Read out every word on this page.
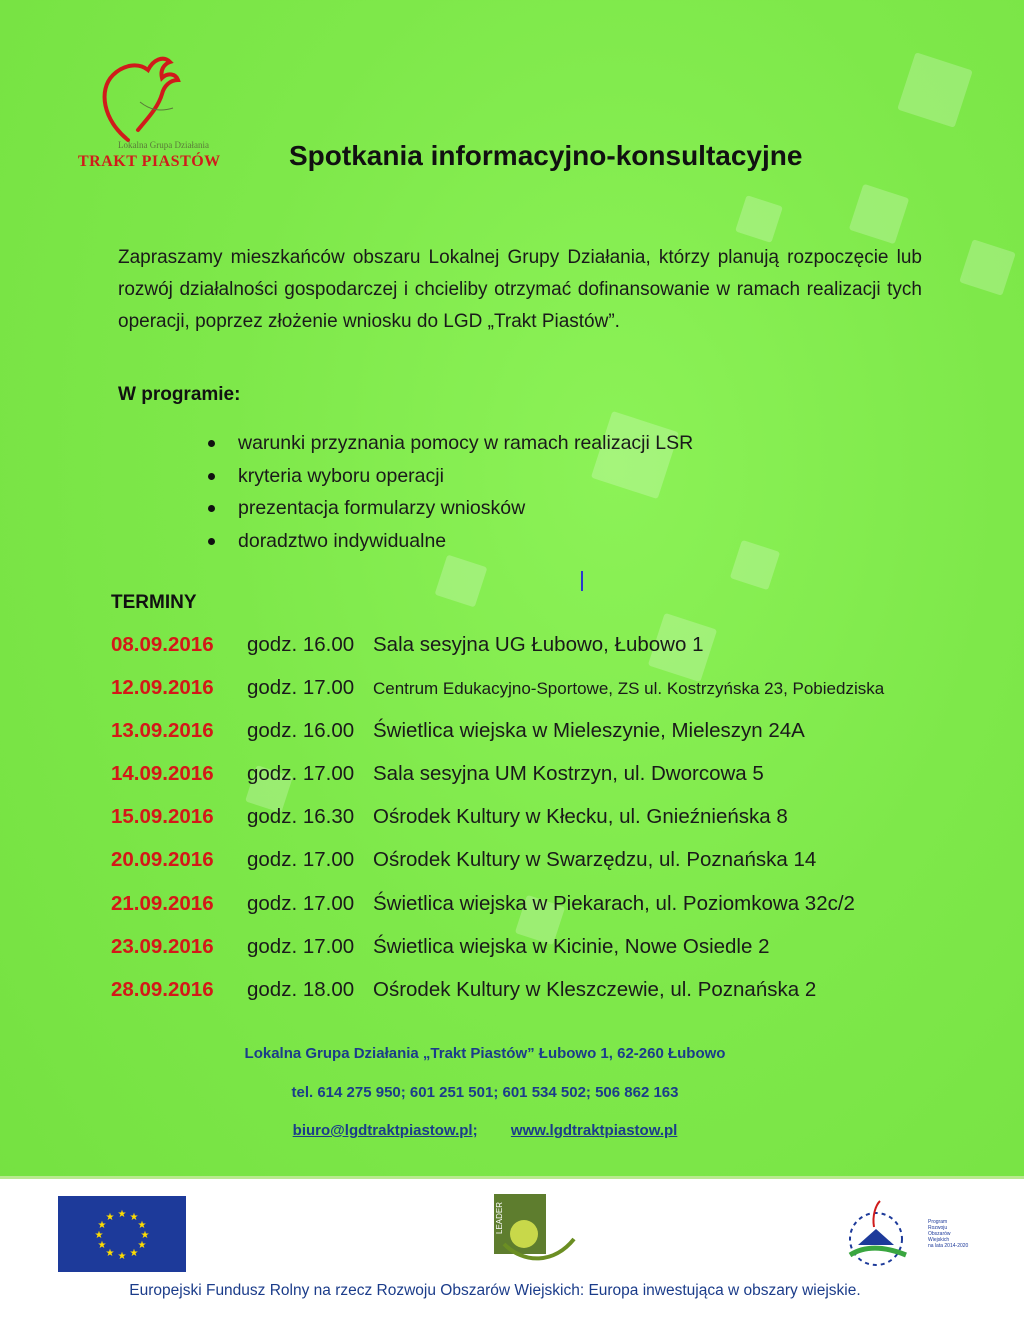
Lokalna Grupa Działania
TRAKT PIASTÓW Spotkania informacyjno-konsultacyjne

Zapraszamy mieszkańców obszaru Lokalnej Grupy Działania, którzy planują rozpoczęcie lub rozwój działalności gospodarczej i chcieliby otrzymać dofinansowanie w ramach realizacji tych operacji, poprzez złożenie wniosku do LGD „Trakt Piastów”.

W programie:
warunki przyznania pomocy w ramach realizacji LSR
kryteria wyboru operacji
prezentacja formularzy wniosków
doradztwo indywidualne
TERMINY
08.09.2016 godz. 16.00 Sala sesyjna UG Łubowo, Łubowo 1
12.09.2016 godz. 17.00 Centrum Edukacyjno-Sportowe, ZS ul. Kostrzyńska 23, Pobiedziska
13.09.2016 godz. 16.00 Świetlica wiejska w Mieleszynie, Mieleszyn 24A
14.09.2016 godz. 17.00 Sala sesyjna UM Kostrzyn, ul. Dworcowa 5
15.09.2016 godz. 16.30 Ośrodek Kultury w Kłecku, ul. Gnieźnieńska 8
20.09.2016 godz. 17.00 Ośrodek Kultury w Swarzędzu, ul. Poznańska 14
21.09.2016 godz. 17.00 Świetlica wiejska w Piekarach, ul. Poziomkowa 32c/2
23.09.2016 godz. 17.00 Świetlica wiejska w Kicinie, Nowe Osiedle 2
28.09.2016 godz. 18.00 Ośrodek Kultury w Kleszczewie, ul. Poznańska 2
Lokalna Grupa Działania „Trakt Piastów” Łubowo 1, 62-260 Łubowo
tel. 614 275 950; 601 251 501; 601 534 502; 506 862 163
biuro@lgdtraktpiastow.pl; www.lgdtraktpiastow.pl
★ ★
★
★
★
★
★
★
★
★
★
★	LEADER	Program
Rozwoju
Obszarów
Wiejskich
na lata 2014-2020
Europejski Fundusz Rolny na rzecz Rozwoju Obszarów Wiejskich: Europa inwestująca w obszary wiejskie.
